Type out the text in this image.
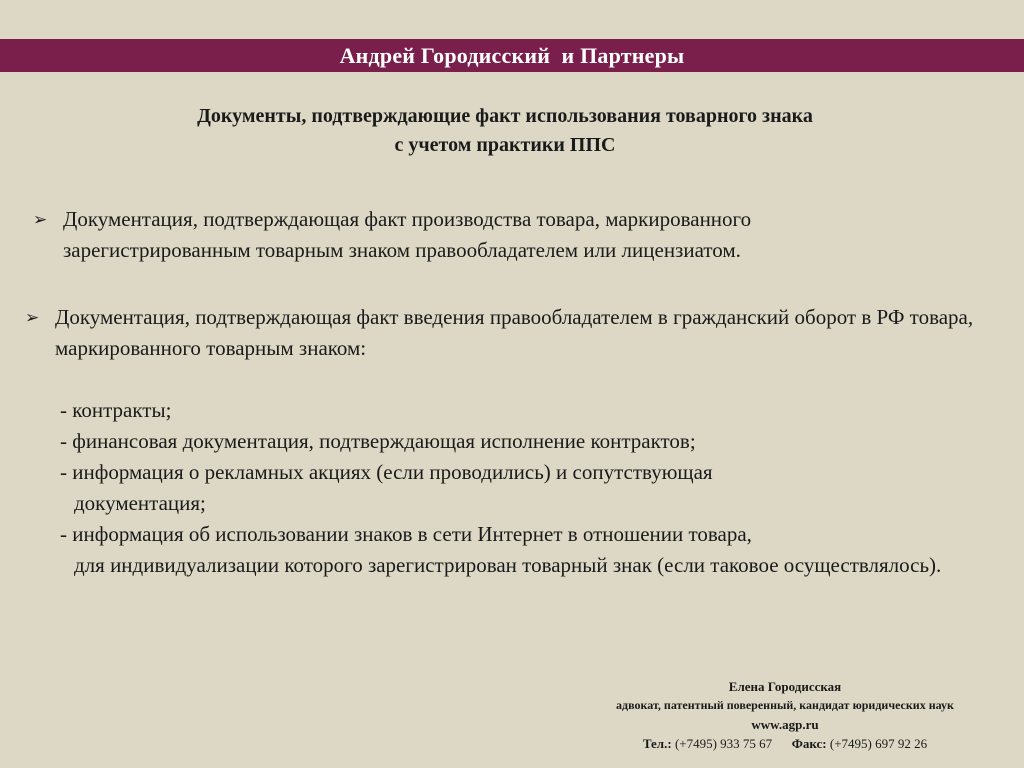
Андрей Городисский  и Партнеры
Документы, подтверждающие факт использования товарного знака
с учетом практики ППС
➢ Документация, подтверждающая факт производства товара, маркированного зарегистрированным товарным знаком правообладателем или лицензиатом.
➢ Документация, подтверждающая факт введения правообладателем в гражданский оборот в РФ товара, маркированного товарным знаком:
- контракты;
- финансовая документация, подтверждающая исполнение контрактов;
- информация о рекламных акциях (если проводились) и сопутствующая
документация;
- информация об использовании знаков в сети Интернет в отношении товара,
для индивидуализации которого зарегистрирован товарный знак (если таковое осуществлялось).
Елена Городисская
адвокат, патентный поверенный, кандидат юридических наук
www.agp.ru
Тел.: (+7495) 933 75 67 Факс: (+7495) 697 92 26
